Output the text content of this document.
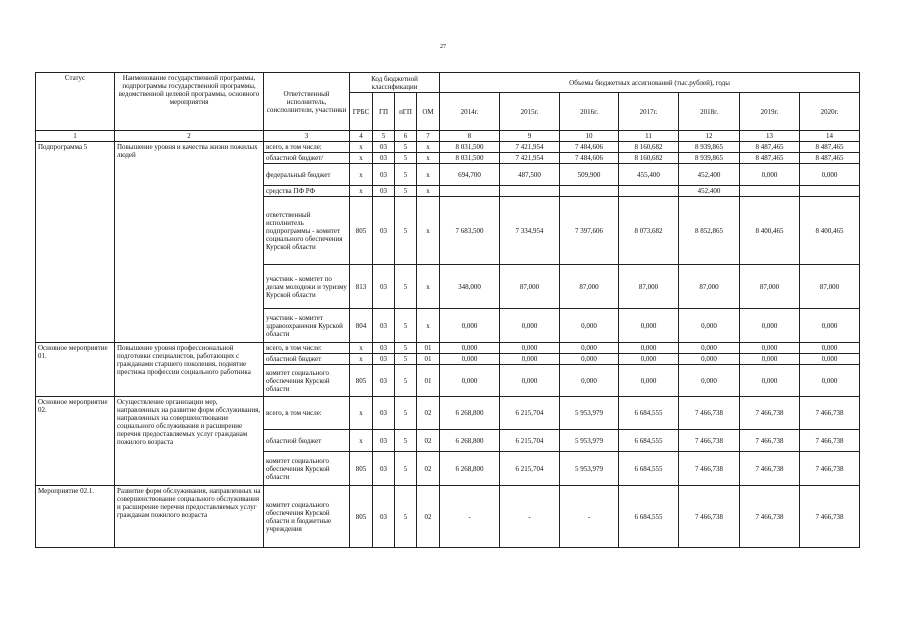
27
Статус	Наименование государственной программы, подпрограммы государственной программы, ведомственной целевой программы, основного мероприятия	Ответственный исполнитель, соисполнители, участники	Код бюджетной классификации				Объемы бюджетных ассигнований (тыс.рублей), годы						
			ГРБС	ГП	пГП	ОМ	2014г.	2015г.	2016г.	2017г.	2018г.	2019г.	2020г.
1	2	3	4	5	6	7	8	9	10	11	12	13	14
Подпрограмма 5	Повышение уровня и качества жизни пожилых людей	всего, в том числе:	x	03	5	x	8 031,500	7 421,954	7 484,606	8 160,682	8 939,865	8 487,465	8 487,465
		областной бюджет/	x	03	5	x	8 031,500	7 421,954	7 484,606	8 160,682	8 939,865	8 487,465	8 487,465
		федеральный бюджет	x	03	5	x	694,700	487,500	509,900	455,400	452,400	0,000	0,000
		средства ПФ РФ	x	03	5	x					452,400		
		ответственный исполнитель подпрограммы - комитет социального обеспечения Курской области	805	03	5	x	7 683,500	7 334,954	7 397,606	8 073,682	8 852,865	8 400,465	8 400,465
		участник - комитет по делам молодежи и туризму Курской области	813	03	5	x	348,000	87,000	87,000	87,000	87,000	87,000	87,000
		участник - комитет здравоохранения Курской области	804	03	5	x	0,000	0,000	0,000	0,000	0,000	0,000	0,000
Основное мероприятие 01.	Повышение уровня профессиональной подготовки специалистов, работающих с гражданами старшего поколения, поднятие престижа профессии социального работника	всего, в том числе:	x	03	5	01	0,000	0,000	0,000	0,000	0,000	0,000	0,000
		областной бюджет	x	03	5	01	0,000	0,000	0,000	0,000	0,000	0,000	0,000
		комитет социального обеспечения Курской области	805	03	5	01	0,000	0,000	0,000	0,000	0,000	0,000	0,000
Основное мероприятие 02.	Осуществление организации мер, направленных на развитие форм обслуживания, направленных на совершенствование социального обслуживания и расширение перечня предоставляемых услуг гражданам пожилого возраста	всего, в том числе:	x	03	5	02	6 268,800	6 215,704	5 953,979	6 684,555	7 466,738	7 466,738	7 466,738
		областной бюджет	x	03	5	02	6 268,800	6 215,704	5 953,979	6 684,555	7 466,738	7 466,738	7 466,738
		комитет социального обеспечения Курской области	805	03	5	02	6 268,800	6 215,704	5 953,979	6 684,555	7 466,738	7 466,738	7 466,738
Мероприятие 02.1.	Развитие форм обслуживания, направленных на совершенствование социального обслуживания и расширение перечня предоставляемых услуг гражданам пожилого возраста	комитет социального обеспечения Курской области и бюджетные учреждения	805	03	5	02	-	-	-	6 684,555	7 466,738	7 466,738	7 466,738
